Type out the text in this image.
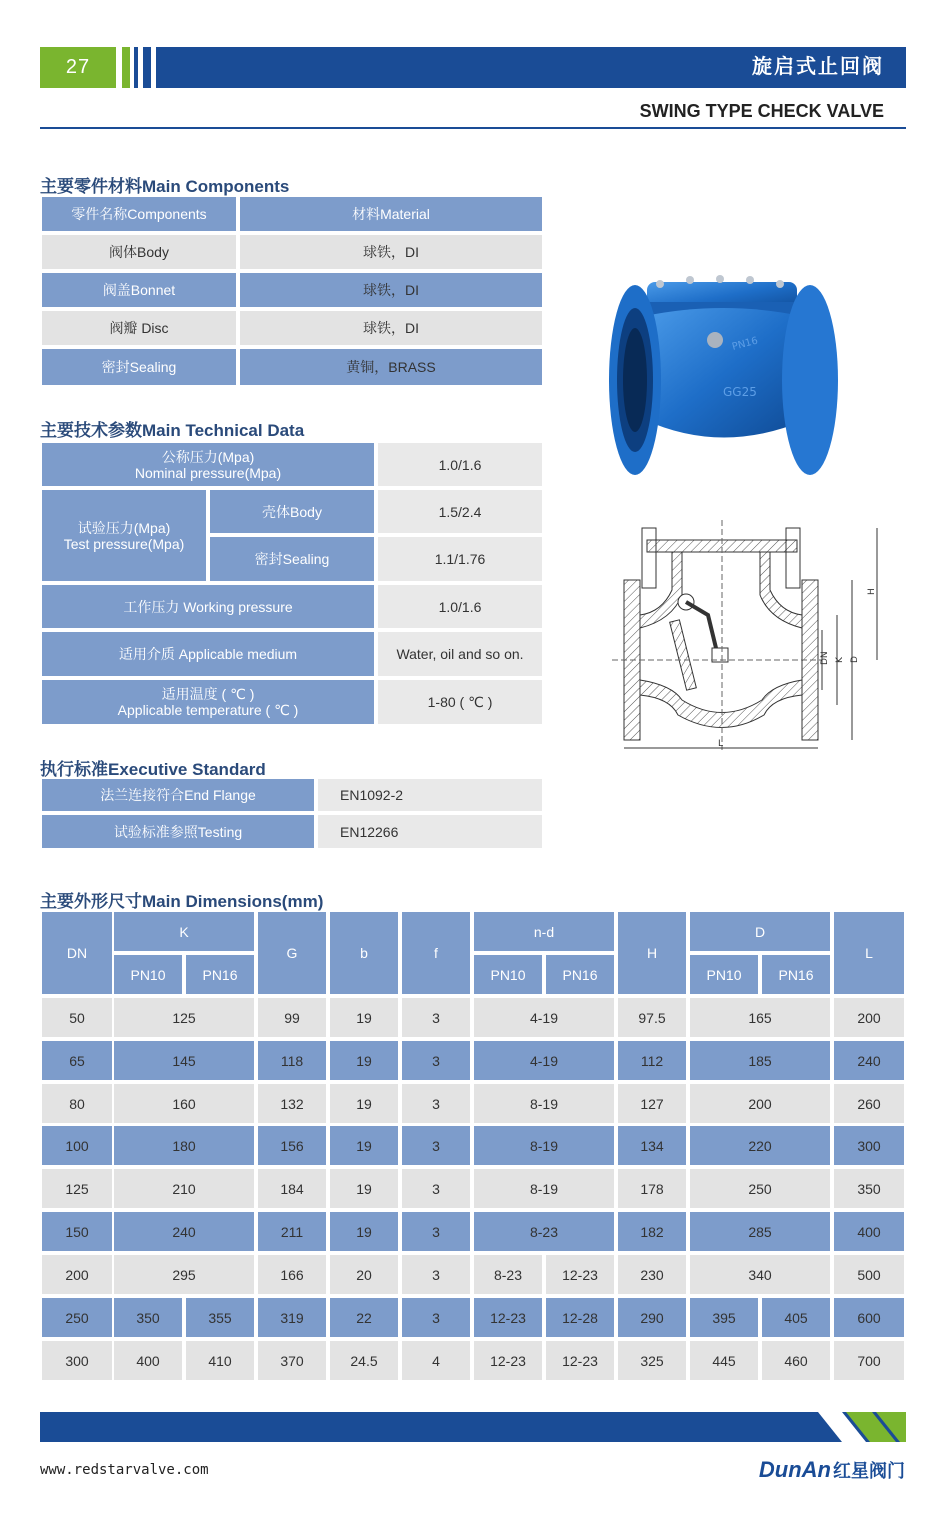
27	旋启式止回阀
SWING TYPE CHECK VALVE
主要零件材料Main Components
零件名称Components	材料Material
阀体Body	球铁，DI
阀盖Bonnet	球铁，DI
阀瓣 Disc	球铁，DI
密封Sealing	黄铜，BRASS
主要技术参数Main Technical Data
公称压力(Mpa)
Nominal pressure(Mpa)	1.0/1.6
试验压力(Mpa)
Test pressure(Mpa)
壳体Body	1.5/2.4
密封Sealing	1.1/1.76
工作压力 Working pressure	1.0/1.6
适用介质 Applicable medium	Water, oil and so on.
适用温度 ( ℃ )
Applicable temperature ( ℃ )	1-80 ( ℃ )
执行标准Executive Standard
法兰连接符合End Flange	EN1092-2
试验标准参照Testing	EN12266
PN16
GG25
DN K D
H
L
主要外形尺寸Main Dimensions(mm)
DN
K
PN10	PN16
G	b	f
n-d
PN10	PN16
H
D
PN10	PN16
L
50	125	99	19	3	4-19	97.5	165	200
65	145	118	19	3	4-19	112	185	240
80	160	132	19	3	8-19	127	200	260
100	180	156	19	3	8-19	134	220	300
125	210	184	19	3	8-19	178	250	350
150	240	211	19	3	8-23	182	285	400
200	295	166	20	3	8-23	12-23	230	340	500
250	350	355	319	22	3	12-23	12-28	290	395	405	600
300	400	410	370	24.5	4	12-23	12-23	325	445	460	700
www.redstarvalve.com	DunAn 红星阀门
